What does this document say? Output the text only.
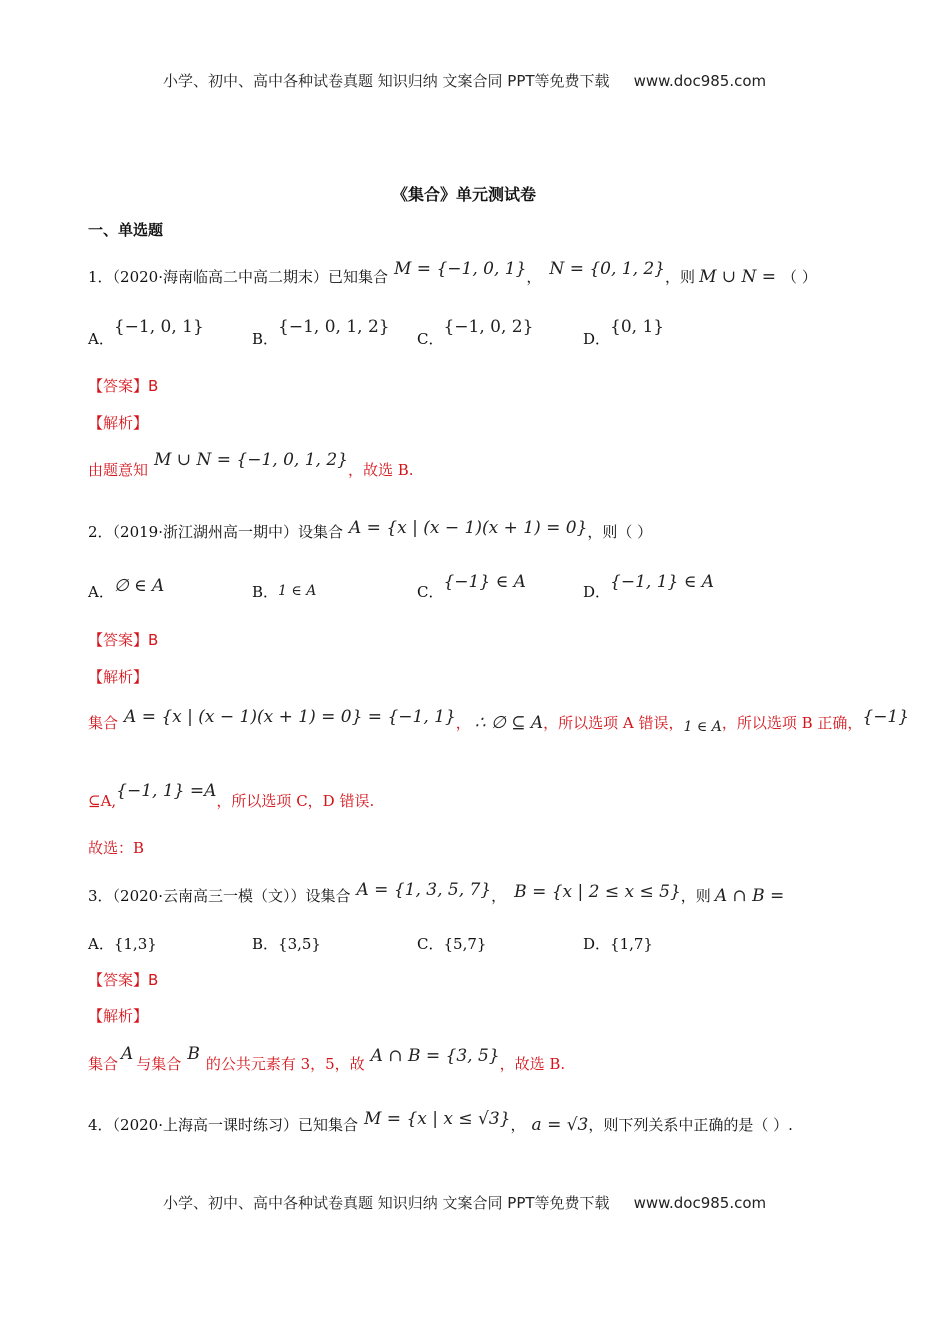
小学、初中、高中各种试卷真题 知识归纳 文案合同 PPT等免费下载 www.doc985.com
《集合》单元测试卷
一、单选题
1．（2020·海南临高二中高二期末）已知集合 M = {−1, 0, 1}， N = {0, 1, 2}，则 M ∪ N = （ ）
A．{−1, 0, 1}
B．{−1, 0, 1, 2}
C．{−1, 0, 2}
D．{0, 1}
【答案】B
【解析】
由题意知 M ∪ N = {−1, 0, 1, 2}，故选 B.
2．（2019·浙江湖州高一期中）设集合 A = {x | (x − 1)(x + 1) = 0}，则（ ）
A．∅ ∈ A	B．1 ∈ A	C．{−1} ∈ A	D．{−1, 1} ∈ A
【答案】B
【解析】
集合 A = {x | (x − 1)(x + 1) = 0} = {−1, 1}， ∴ ∅ ⊆ A，所以选项 A 错误，1 ∈ A，所以选项 B 正确，{−1}
⊆A,{−1, 1} =A，所以选项 C，D 错误.
故选：B
3．（2020·云南高三一模（文））设集合 A = {1, 3, 5, 7}， B = {x | 2 ≤ x ≤ 5}，则 A ∩ B =
A．{1,3}	B．{3,5}	C．{5,7}	D．{1,7}
【答案】B
【解析】
集合 A 与集合 B 的公共元素有 3，5，故 A ∩ B = {3, 5}，故选 B.
4．（2020·上海高一课时练习）已知集合 M = {x | x ≤ √3}， a = √3，则下列关系中正确的是（ ）.
小学、初中、高中各种试卷真题 知识归纳 文案合同 PPT等免费下载 www.doc985.com
